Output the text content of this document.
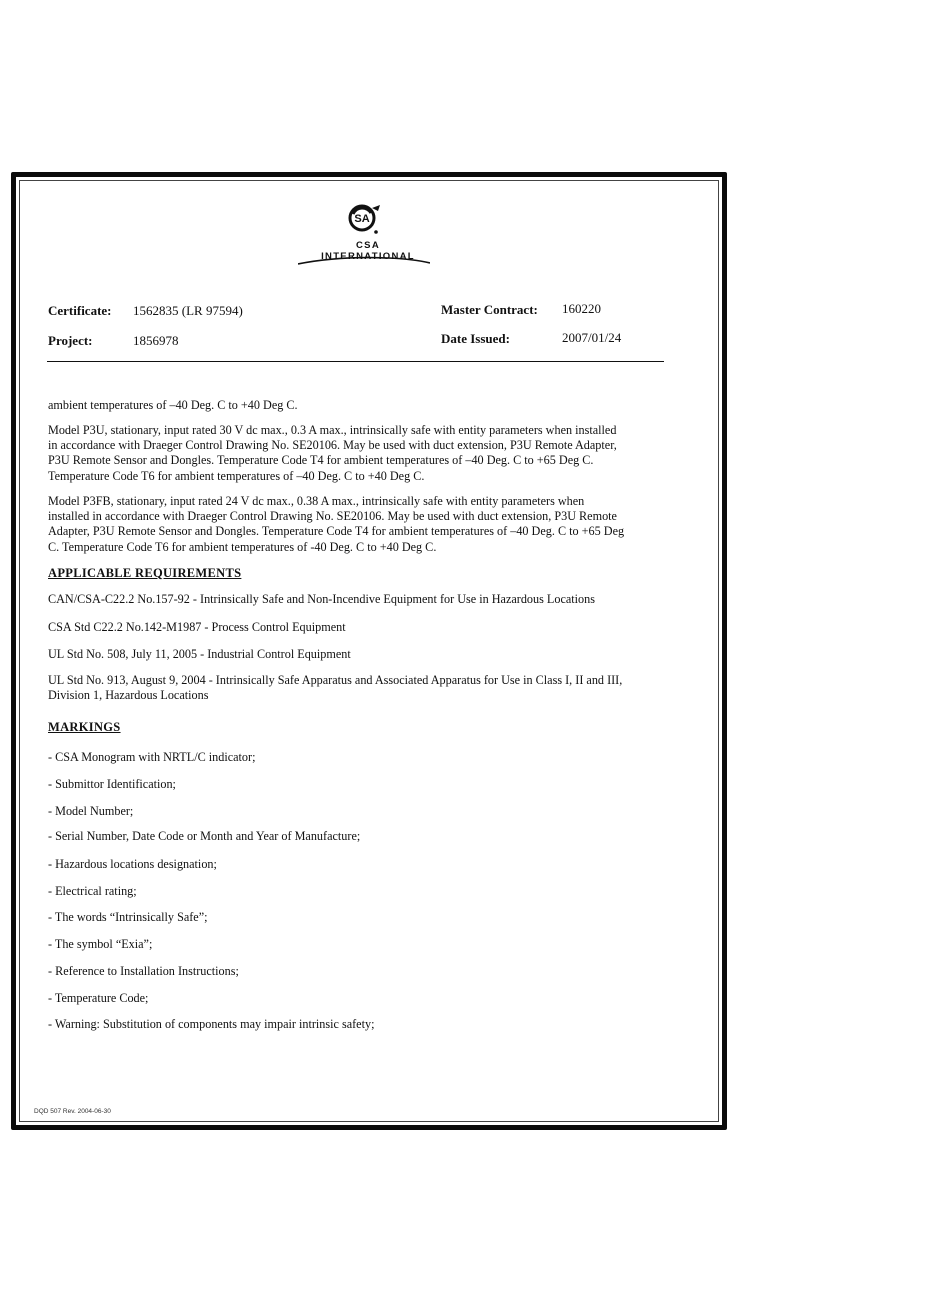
SA
CSA INTERNATIONAL
Certificate: 1562835 (LR 97594)	Master Contract: 160220
Project:	1856978	Date Issued:	2007/01/24
ambient temperatures of –40 Deg. C to +40 Deg C.
Model P3U, stationary, input rated 30 V dc max., 0.3 A max., intrinsically safe with entity parameters when installed
in accordance with Draeger Control Drawing No. SE20106. May be used with duct extension, P3U Remote Adapter,
P3U Remote Sensor and Dongles. Temperature Code T4 for ambient temperatures of –40 Deg. C to +65 Deg C.
Temperature Code T6 for ambient temperatures of –40 Deg. C to +40 Deg C.
Model P3FB, stationary, input rated 24 V dc max., 0.38 A max., intrinsically safe with entity parameters when
installed in accordance with Draeger Control Drawing No. SE20106. May be used with duct extension, P3U Remote
Adapter, P3U Remote Sensor and Dongles. Temperature Code T4 for ambient temperatures of –40 Deg. C to +65 Deg
C. Temperature Code T6 for ambient temperatures of -40 Deg. C to +40 Deg C.
APPLICABLE REQUIREMENTS
CAN/CSA-C22.2 No.157-92 - Intrinsically Safe and Non-Incendive Equipment for Use in Hazardous Locations
CSA Std C22.2 No.142-M1987 - Process Control Equipment
UL Std No. 508, July 11, 2005 - Industrial Control Equipment
UL Std No. 913, August 9, 2004 - Intrinsically Safe Apparatus and Associated Apparatus for Use in Class I, II and III,
Division 1, Hazardous Locations
MARKINGS
- CSA Monogram with NRTL/C indicator;
- Submittor Identification;
- Model Number;
- Serial Number, Date Code or Month and Year of Manufacture;
- Hazardous locations designation;
- Electrical rating;
- The words “Intrinsically Safe”;
- The symbol “Exia”;
- Reference to Installation Instructions;
- Temperature Code;
- Warning: Substitution of components may impair intrinsic safety;
DQD 507 Rev. 2004-06-30
